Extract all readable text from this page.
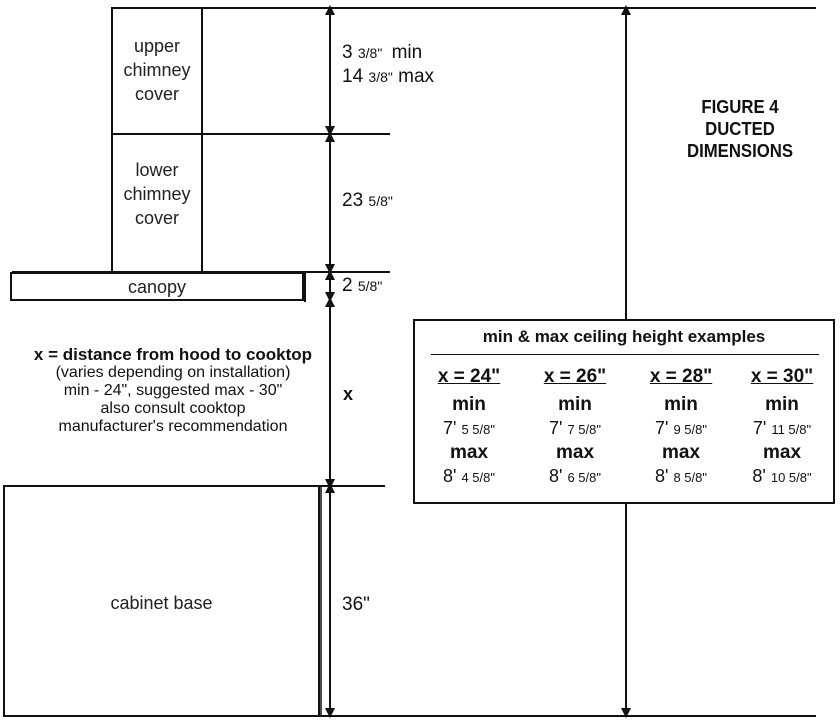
upper
chimney
cover
lower
chimney
cover
canopy
cabinet base
3 3/8" min
14 3/8" max
23 5/8"
2 5/8"
x
36"
FIGURE 4
DUCTED
DIMENSIONS
x = distance from hood to cooktop
(varies depending on installation)
min - 24", suggested max - 30"
also consult cooktop
manufacturer's recommendation
min & max ceiling height examples
x = 24"
min
7' 5 5/8"
max
8' 4 5/8"
x = 26"
min
7' 7 5/8"
max
8' 6 5/8"
x = 28"
min
7' 9 5/8"
max
8' 8 5/8"
x = 30"
min
7' 11 5/8"
max
8' 10 5/8"
